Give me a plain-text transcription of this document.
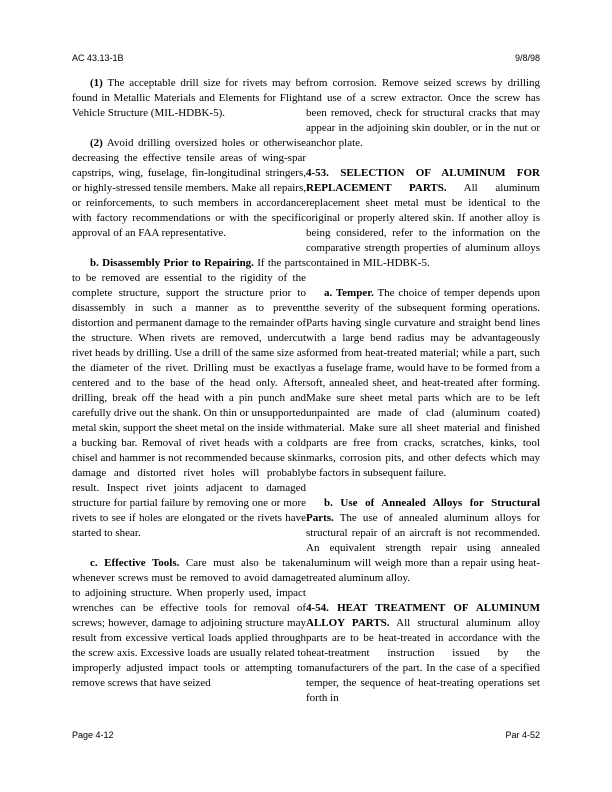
AC 43.13-1B	9/8/98

(1) The acceptable drill size for rivets may be found in Metallic Materials and Elements for Flight Vehicle Structure (MIL-HDBK-5).

(2) Avoid drilling oversized holes or otherwise decreasing the effective tensile areas of wing-spar capstrips, wing, fuselage, fin-longitudinal stringers, or highly-stressed tensile members. Make all repairs, or reinforcements, to such members in accordance with factory recommendations or with the specific approval of an FAA representative.

b. Disassembly Prior to Repairing. If the parts to be removed are essential to the rigidity of the complete structure, support the structure prior to disassembly in such a manner as to prevent distortion and permanent damage to the remainder of the structure. When rivets are removed, undercut rivet heads by drilling. Use a drill of the same size as the diameter of the rivet. Drilling must be exactly centered and to the base of the head only. After drilling, break off the head with a pin punch and carefully drive out the shank. On thin or unsupported metal skin, support the sheet metal on the inside with a bucking bar. Removal of rivet heads with a cold chisel and hammer is not recommended because skin damage and distorted rivet holes will probably result. Inspect rivet joints adjacent to damaged structure for partial failure by removing one or more rivets to see if holes are elongated or the rivets have started to shear.

c. Effective Tools. Care must also be taken whenever screws must be removed to avoid damage to adjoining structure. When properly used, impact wrenches can be effective tools for removal of screws; however, damage to adjoining structure may result from excessive vertical loads applied through the screw axis. Excessive loads are usually related to improperly adjusted impact tools or attempting to remove screws that have seized

from corrosion. Remove seized screws by drilling and use of a screw extractor. Once the screw has been removed, check for structural cracks that may appear in the adjoining skin doubler, or in the nut or anchor plate.

4-53. SELECTION OF ALUMINUM FOR REPLACEMENT PARTS. All aluminum replacement sheet metal must be identical to the original or properly altered skin. If another alloy is being considered, refer to the information on the comparative strength properties of aluminum alloys contained in MIL-HDBK-5.

a. Temper. The choice of temper depends upon the severity of the subsequent forming operations. Parts having single curvature and straight bend lines with a large bend radius may be advantageously formed from heat-treated material; while a part, such as a fuselage frame, would have to be formed from a soft, annealed sheet, and heat-treated after forming. Make sure sheet metal parts which are to be left unpainted are made of clad (aluminum coated) material. Make sure all sheet material and finished parts are free from cracks, scratches, kinks, tool marks, corrosion pits, and other defects which may be factors in subsequent failure.

b. Use of Annealed Alloys for Structural Parts. The use of annealed aluminum alloys for structural repair of an aircraft is not recommended. An equivalent strength repair using annealed aluminum will weigh more than a repair using heat-treated aluminum alloy.

4-54. HEAT TREATMENT OF ALUMINUM ALLOY PARTS. All structural aluminum alloy parts are to be heat-treated in accordance with the heat-treatment instruction issued by the manufacturers of the part. In the case of a specified temper, the sequence of heat-treating operations set forth in

Page 4-12	Par 4-52
